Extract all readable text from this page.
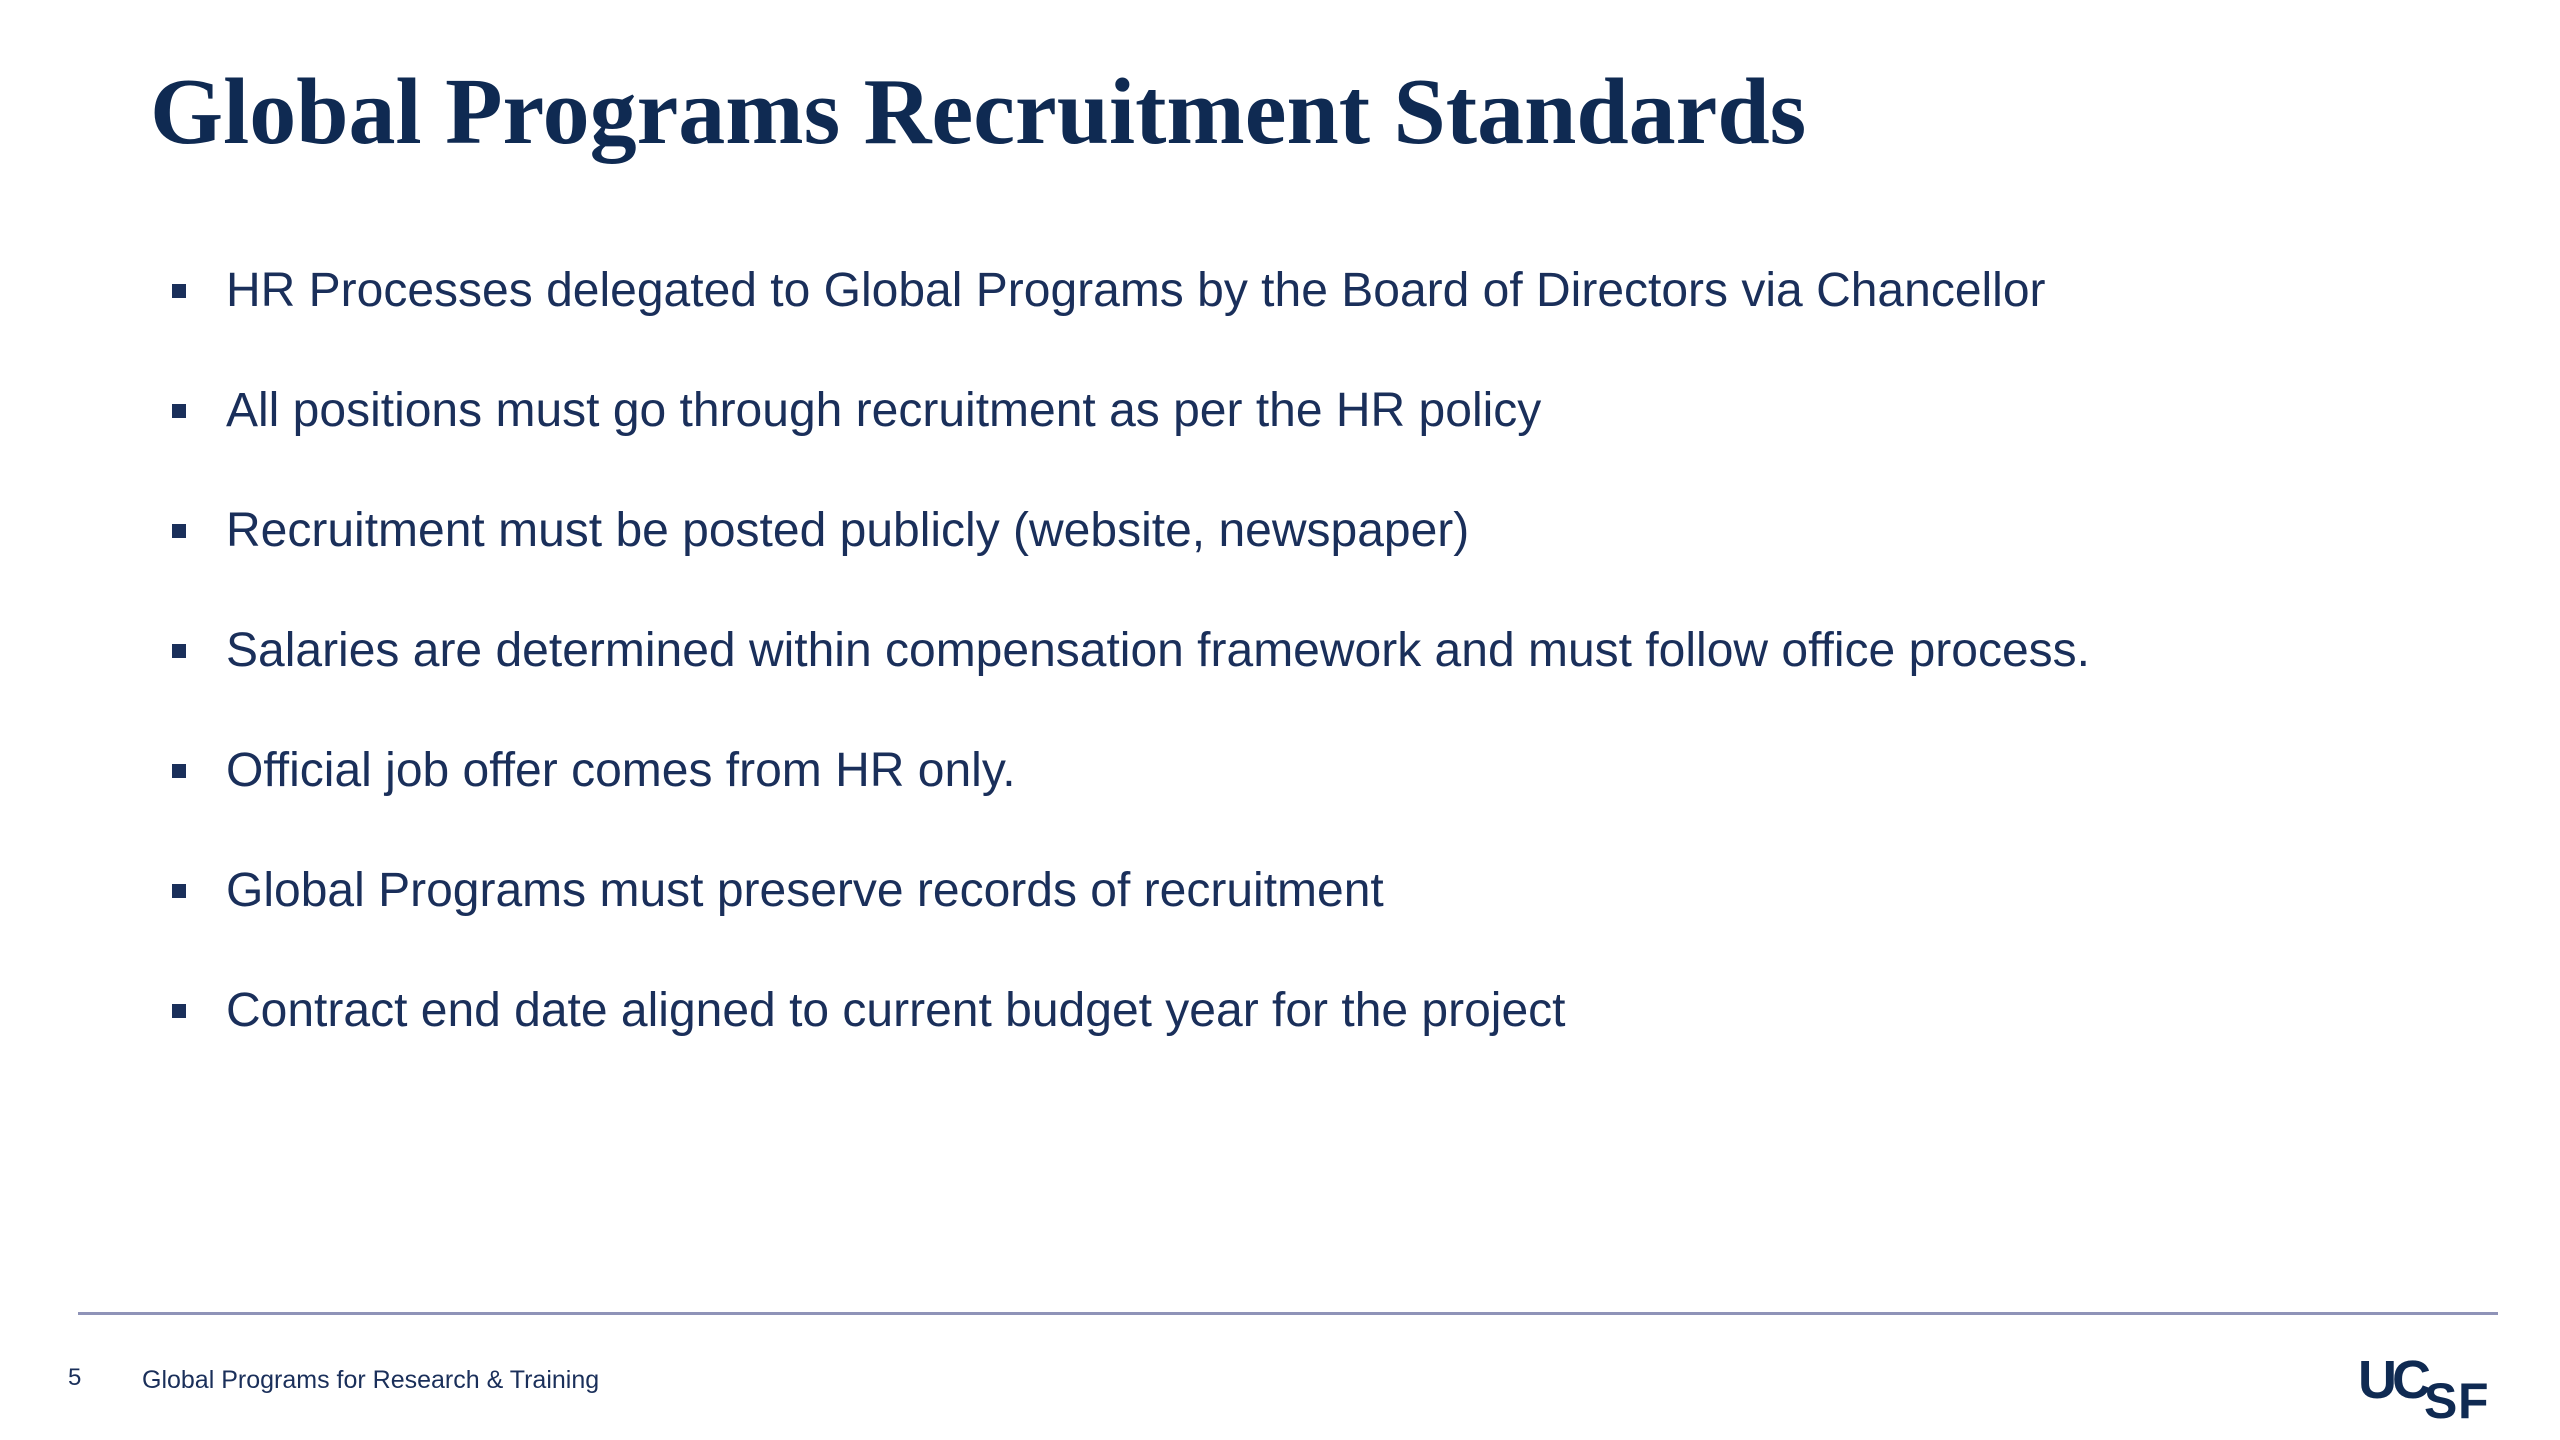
Global Programs Recruitment Standards
HR Processes delegated to Global Programs by the Board of Directors via Chancellor
All positions must go through recruitment as per the HR policy
Recruitment must be posted publicly (website, newspaper)
Salaries are determined within compensation framework and must follow office process.
Official job offer comes from HR only.
Global Programs must preserve records of recruitment
Contract end date aligned to current budget year for the project
5 Global Programs for Research & Training	U C
S F
